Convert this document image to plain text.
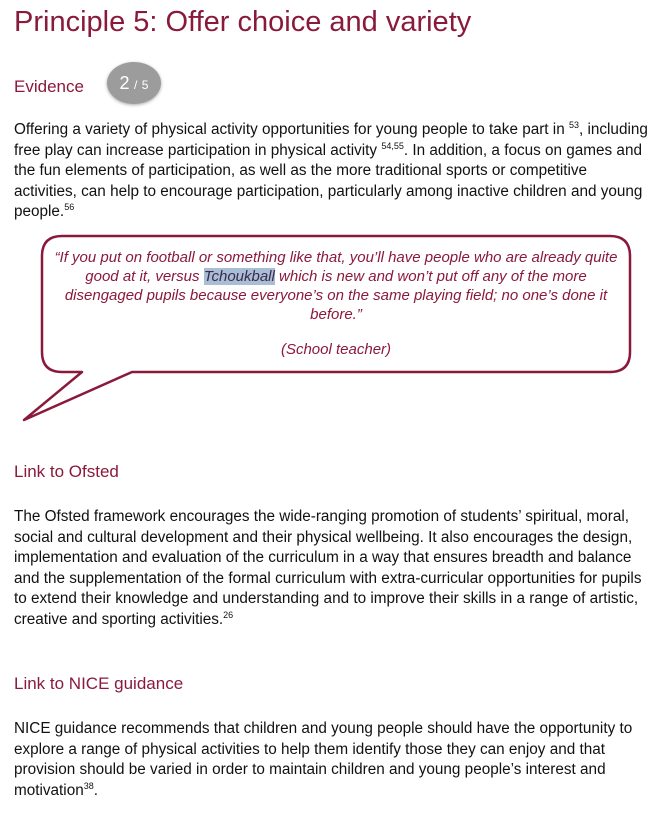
Principle 5: Offer choice and variety
Evidence	2 / 5

Offering a variety of physical activity opportunities for young people to take part in $^{53}$, including free play can increase participation in physical activity $^{54,55}$. In addition, a focus on games and the fun elements of participation, as well as the more traditional sports or competitive activities, can help to encourage participation, particularly among inactive children and young people.$^{56}$

“If you put on football or something like that, you’ll have people who are already quite good at it, versus Tchoukball which is new and won’t put off any of the more disengaged pupils because everyone’s on the same playing field; no one’s done it before.”

(School teacher)

Link to Ofsted

The Ofsted framework encourages the wide-ranging promotion of students’ spiritual, moral, social and cultural development and their physical wellbeing. It also encourages the design, implementation and evaluation of the curriculum in a way that ensures breadth and balance and the supplementation of the formal curriculum with extra-curricular opportunities for pupils to extend their knowledge and understanding and to improve their skills in a range of artistic, creative and sporting activities.$^{26}$

Link to NICE guidance

NICE guidance recommends that children and young people should have the opportunity to explore a range of physical activities to help them identify those they can enjoy and that provision should be varied in order to maintain children and young people’s interest and motivation$^{38}$.
